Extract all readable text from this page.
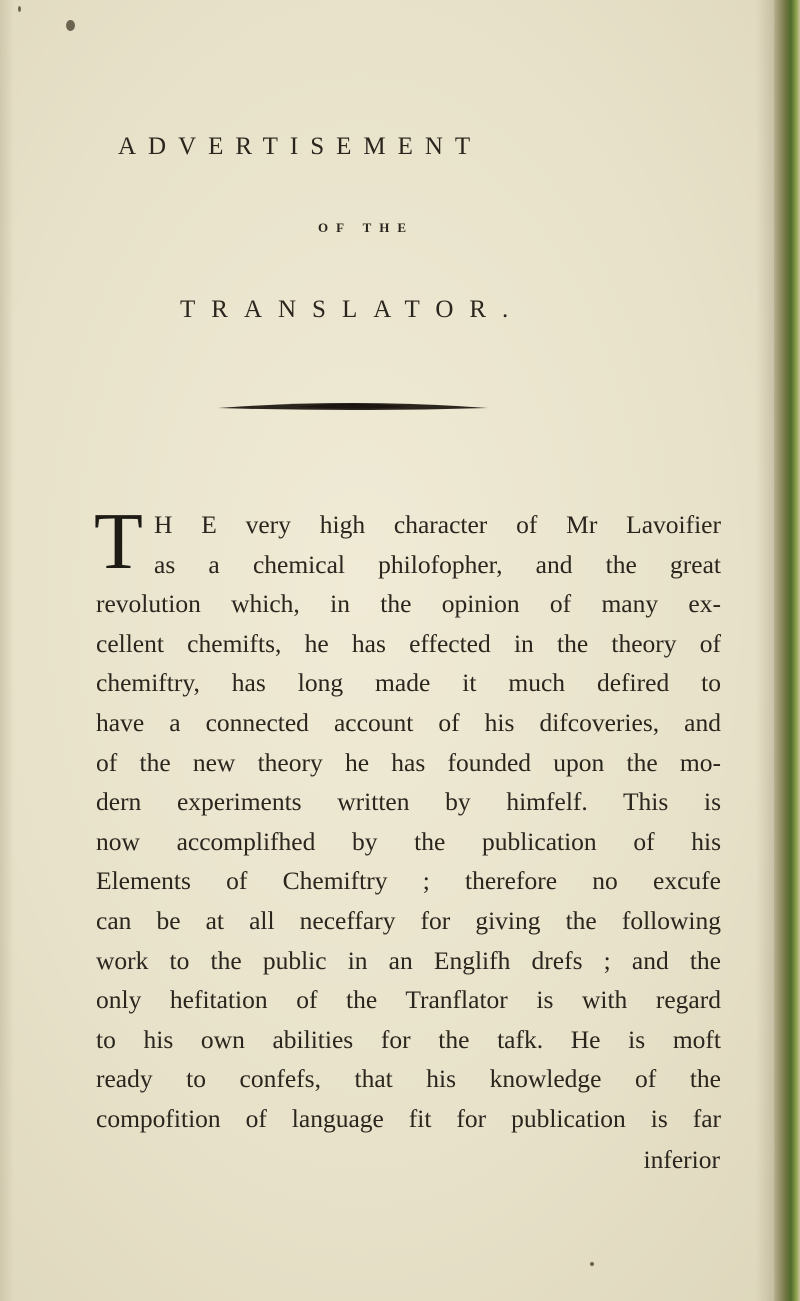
ADVERTISEMENT
OF THE
TRANSLATOR.
T H E very high character of Mr Lavoifier
as a chemical philofopher, and the great
revolution which, in the opinion of many ex-
cellent chemifts, he has effected in the theory of
chemiftry, has long made it much defired to
have a connected account of his difcoveries, and
of the new theory he has founded upon the mo-
dern experiments written by himfelf. This is
now accomplifhed by the publication of his
Elements of Chemiftry ; therefore no excufe
can be at all neceffary for giving the following
work to the public in an Englifh drefs ; and the
only hefitation of the Tranflator is with regard
to his own abilities for the tafk. He is moft
ready to confefs, that his knowledge of the
compofition of language fit for publication is far
inferior
